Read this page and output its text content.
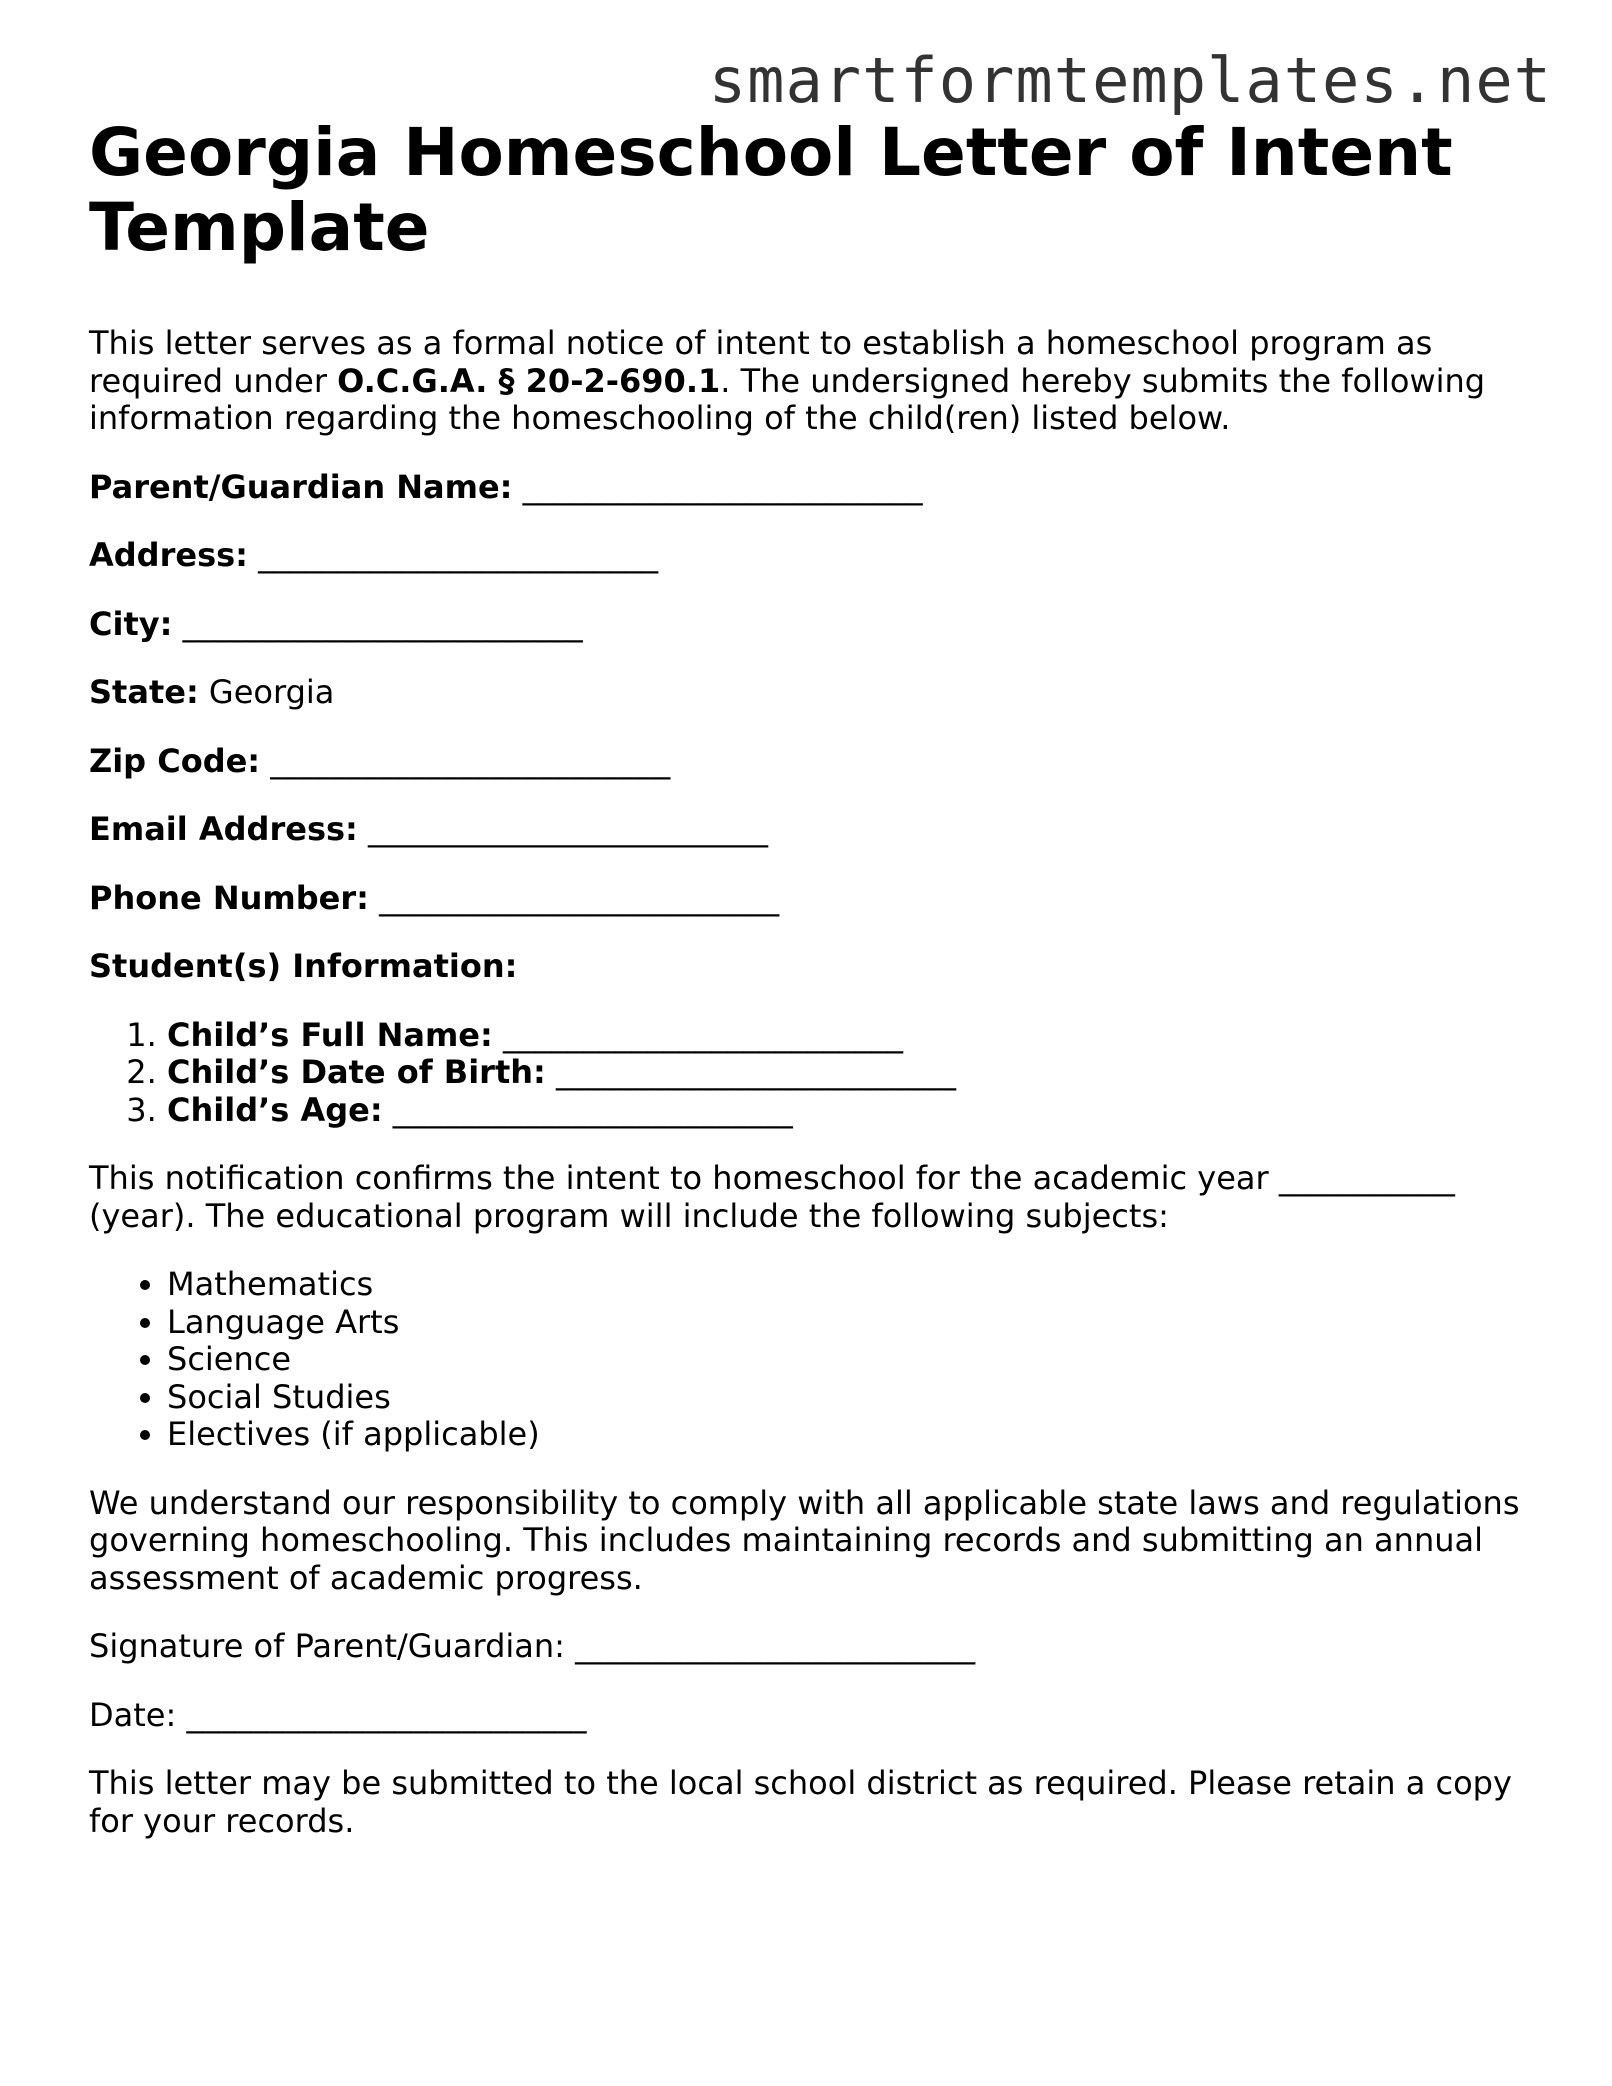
smartformtemplates.net
Georgia Homeschool Letter of Intent Template

This letter serves as a formal notice of intent to establish a homeschool program as required under O.C.G.A. § 20-2-690.1. The undersigned hereby submits the following information regarding the homeschooling of the child(ren) listed below.

Parent/Guardian Name: _________________________

Address: _________________________

City: _________________________

State: Georgia

Zip Code: _________________________

Email Address: _________________________

Phone Number: _________________________

Student(s) Information:

1. Child’s Full Name: _________________________
2. Child’s Date of Birth: _________________________
3. Child’s Age: _________________________

This notification confirms the intent to homeschool for the academic year ___________ (year). The educational program will include the following subjects:

• Mathematics
• Language Arts
• Science
• Social Studies
• Electives (if applicable)

We understand our responsibility to comply with all applicable state laws and regulations governing homeschooling. This includes maintaining records and submitting an annual assessment of academic progress.

Signature of Parent/Guardian: _________________________

Date: _________________________

This letter may be submitted to the local school district as required. Please retain a copy for your records.
